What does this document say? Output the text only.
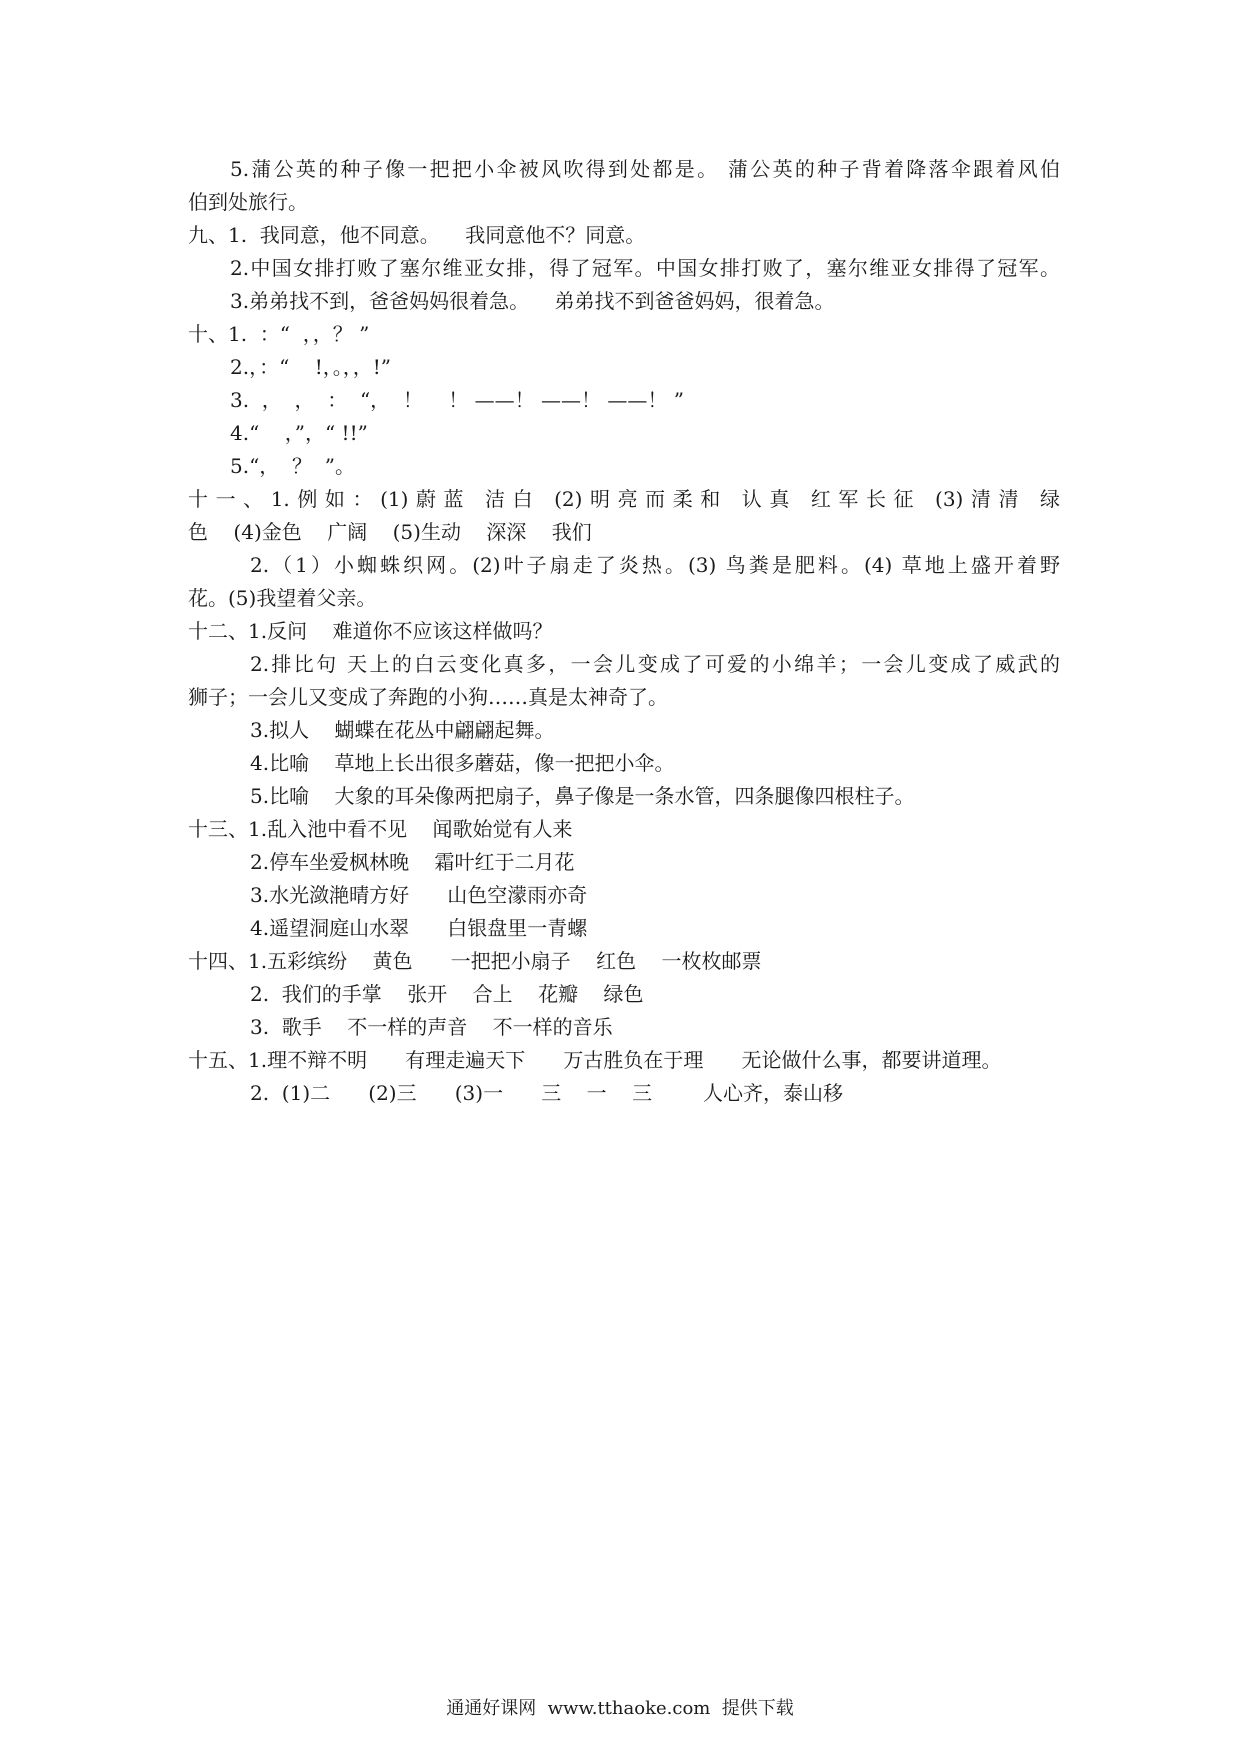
5.蒲公英的种子像一把把小伞被风吹得到处都是。 蒲公英的种子背着降落伞跟着风伯
伯到处旅行。
九、1.  我同意，他不同意。    我同意他不？同意。
2.中国女排打败了塞尔维亚女排，得了冠军。中国女排打败了，塞尔维亚女排得了冠军。
3.弟弟找不到，爸爸妈妈很着急。    弟弟找不到爸爸妈妈，很着急。
十、1.  ：“  ，，？ ”
2.，：“    !，。，，!”
3.  ，  ，  ：  “，  ！    ！ ——！ ——！ ——！ ”
4.“    ，”，“ !!”
5.“，  ？  ”。
十一、1.例如：(1)蔚蓝 洁白 (2)明亮而柔和 认真 红军长征 (3)清清 绿
色    (4)金色    广阔    (5)生动    深深    我们
2.（1）小蜘蛛织网。(2)叶子扇走了炎热。(3) 鸟粪是肥料。(4) 草地上盛开着野
花。(5)我望着父亲。
十二、1.反问    难道你不应该这样做吗？
2.排比句 天上的白云变化真多，一会儿变成了可爱的小绵羊；一会儿变成了威武的
狮子；一会儿又变成了奔跑的小狗……真是太神奇了。
3.拟人    蝴蝶在花丛中翩翩起舞。
4.比喻    草地上长出很多蘑菇，像一把把小伞。
5.比喻    大象的耳朵像两把扇子，鼻子像是一条水管，四条腿像四根柱子。
十三、1.乱入池中看不见    闻歌始觉有人来
2.停车坐爱枫林晚    霜叶红于二月花
3.水光潋滟晴方好      山色空濛雨亦奇
4.遥望洞庭山水翠      白银盘里一青螺
十四、1.五彩缤纷    黄色      一把把小扇子    红色    一枚枚邮票
2.  我们的手掌    张开    合上    花瓣    绿色
3.  歌手    不一样的声音    不一样的音乐
十五、1.理不辩不明      有理走遍天下      万古胜负在于理      无论做什么事，都要讲道理。
2.  (1)二      (2)三      (3)一      三    一    三        人心齐，泰山移
通通好课网  www.tthaoke.com  提供下载
